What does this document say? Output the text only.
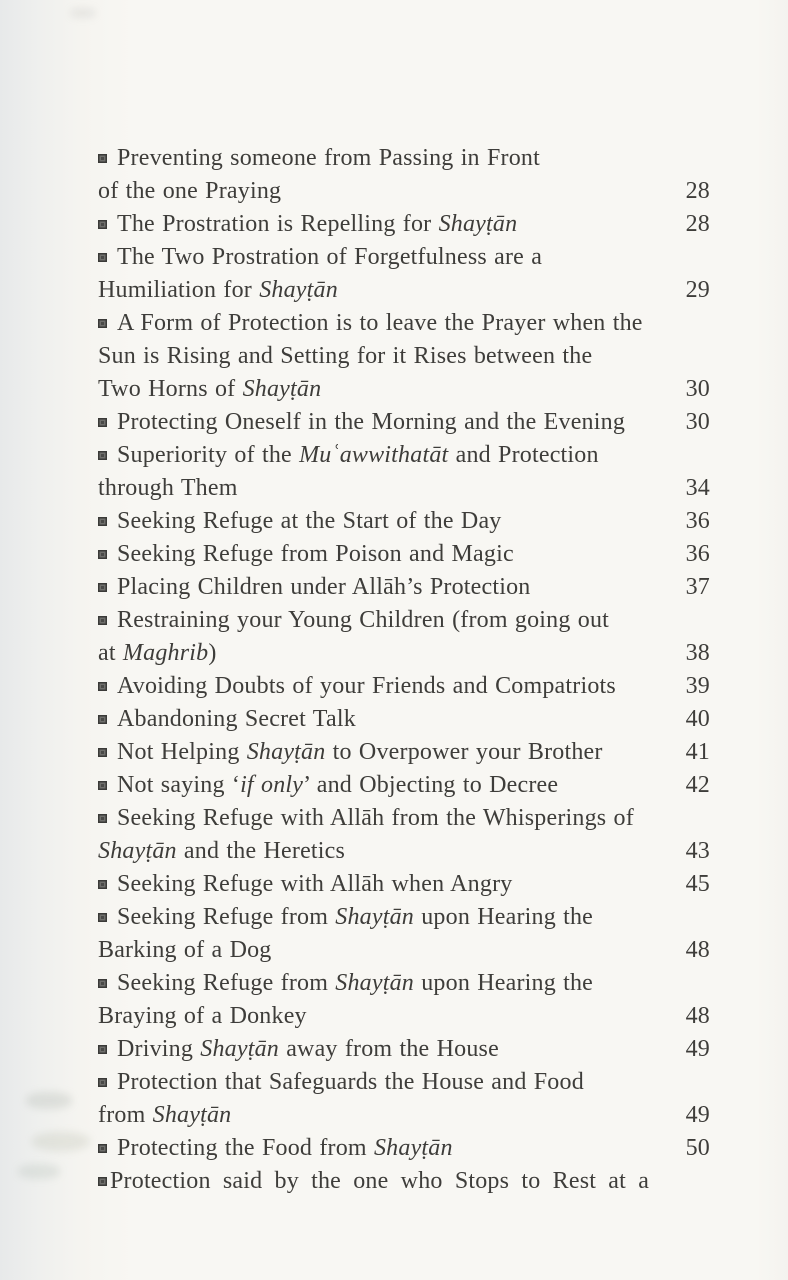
Preventing someone from Passing in Front
of the one Praying	28
The Prostration is Repelling for Shayṭān	28
The Two Prostration of Forgetfulness are a
Humiliation for Shayṭān	29
A Form of Protection is to leave the Prayer when the
Sun is Rising and Setting for it Rises between the
Two Horns of Shayṭān	30
Protecting Oneself in the Morning and the Evening	30
Superiority of the Muʿawwithatāt and Protection
through Them	34
Seeking Refuge at the Start of the Day	36
Seeking Refuge from Poison and Magic	36
Placing Children under Allāh’s Protection	37
Restraining your Young Children (from going out
at Maghrib)	38
Avoiding Doubts of your Friends and Compatriots	39
Abandoning Secret Talk	40
Not Helping Shayṭān to Overpower your Brother	41
Not saying ‘if only’ and Objecting to Decree	42
Seeking Refuge with Allāh from the Whisperings of
Shayṭān and the Heretics	43
Seeking Refuge with Allāh when Angry	45
Seeking Refuge from Shayṭān upon Hearing the
Barking of a Dog	48
Seeking Refuge from Shayṭān upon Hearing the
Braying of a Donkey	48
Driving Shayṭān away from the House	49
Protection that Safeguards the House and Food
from Shayṭān	49
Protecting the Food from Shayṭān	50
Protection said by the one who Stops to Rest at a
